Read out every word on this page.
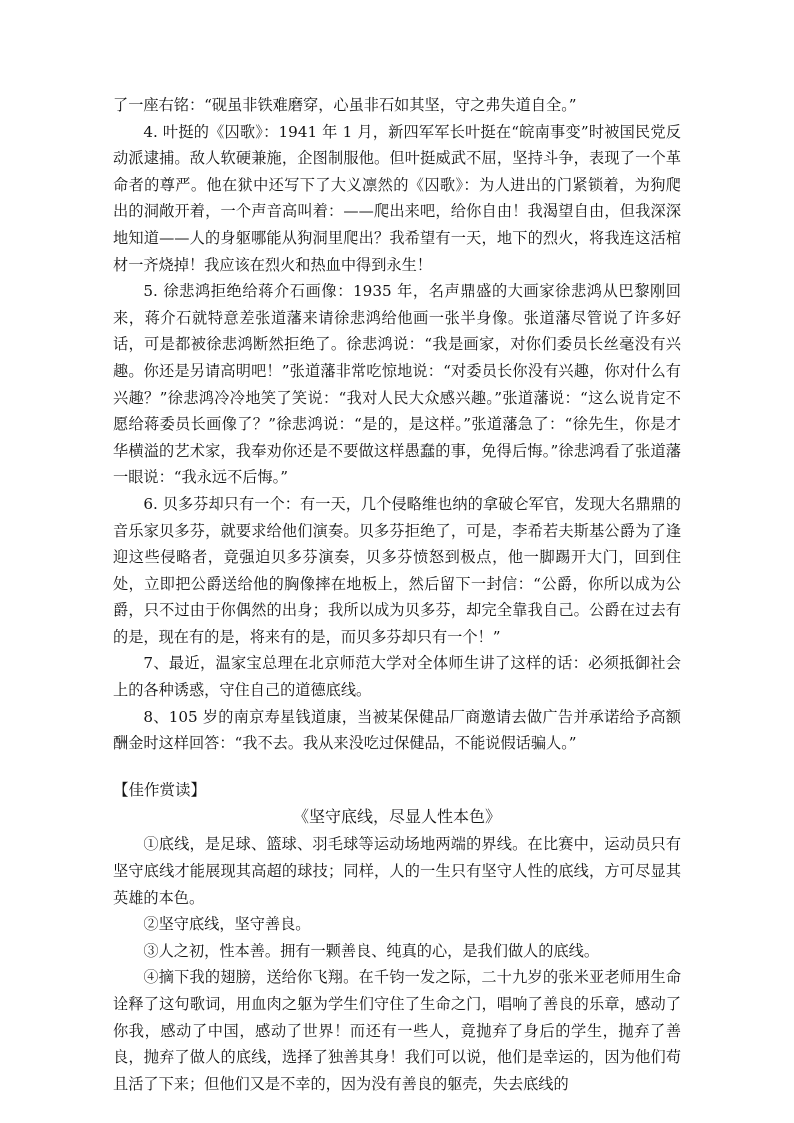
了一座右铭：“砚虽非铁难磨穿，心虽非石如其坚，守之弗失道自全。”

4. 叶挺的《囚歌》：1941 年 1 月，新四军军长叶挺在“皖南事变”时被国民党反动派逮捕。敌人软硬兼施，企图制服他。但叶挺威武不屈，坚持斗争，表现了一个革命者的尊严。他在狱中还写下了大义凛然的《囚歌》：为人进出的门紧锁着，为狗爬出的洞敞开着，一个声音高叫着：——爬出来吧，给你自由！我渴望自由，但我深深地知道——人的身躯哪能从狗洞里爬出？我希望有一天，地下的烈火，将我连这活棺材一齐烧掉！我应该在烈火和热血中得到永生！

5. 徐悲鸿拒绝给蒋介石画像：1935 年，名声鼎盛的大画家徐悲鸿从巴黎刚回来，蒋介石就特意差张道藩来请徐悲鸿给他画一张半身像。张道藩尽管说了许多好话，可是都被徐悲鸿断然拒绝了。徐悲鸿说：“我是画家，对你们委员长丝毫没有兴趣。你还是另请高明吧！”张道藩非常吃惊地说：“对委员长你没有兴趣，你对什么有兴趣？”徐悲鸿冷冷地笑了笑说：“我对人民大众感兴趣。”张道藩说：“这么说肯定不愿给蒋委员长画像了？”徐悲鸿说：“是的，是这样。”张道藩急了：“徐先生，你是才华横溢的艺术家，我奉劝你还是不要做这样愚蠢的事，免得后悔。”徐悲鸿看了张道藩一眼说：“我永远不后悔。”

6. 贝多芬却只有一个：有一天，几个侵略维也纳的拿破仑军官，发现大名鼎鼎的音乐家贝多芬，就要求给他们演奏。贝多芬拒绝了，可是，李希若夫斯基公爵为了逢迎这些侵略者，竟强迫贝多芬演奏，贝多芬愤怒到极点，他一脚踢开大门，回到住处，立即把公爵送给他的胸像摔在地板上，然后留下一封信：“公爵，你所以成为公爵，只不过由于你偶然的出身；我所以成为贝多芬，却完全靠我自己。公爵在过去有的是，现在有的是，将来有的是，而贝多芬却只有一个！”

7、最近，温家宝总理在北京师范大学对全体师生讲了这样的话：必须抵御社会上的各种诱惑，守住自己的道德底线。

8、105 岁的南京寿星钱道康，当被某保健品厂商邀请去做广告并承诺给予高额酬金时这样回答：“我不去。我从来没吃过保健品，不能说假话骗人。”

【佳作赏读】

《坚守底线，尽显人性本色》

①底线，是足球、篮球、羽毛球等运动场地两端的界线。在比赛中，运动员只有坚守底线才能展现其高超的球技；同样，人的一生只有坚守人性的底线，方可尽显其英雄的本色。

②坚守底线，坚守善良。

③人之初，性本善。拥有一颗善良、纯真的心，是我们做人的底线。

④摘下我的翅膀，送给你飞翔。在千钧一发之际，二十九岁的张米亚老师用生命诠释了这句歌词，用血肉之躯为学生们守住了生命之门，唱响了善良的乐章，感动了你我，感动了中国，感动了世界！而还有一些人，竟抛弃了身后的学生，抛弃了善良，抛弃了做人的底线，选择了独善其身！我们可以说，他们是幸运的，因为他们苟且活了下来；但他们又是不幸的，因为没有善良的躯壳，失去底线的
